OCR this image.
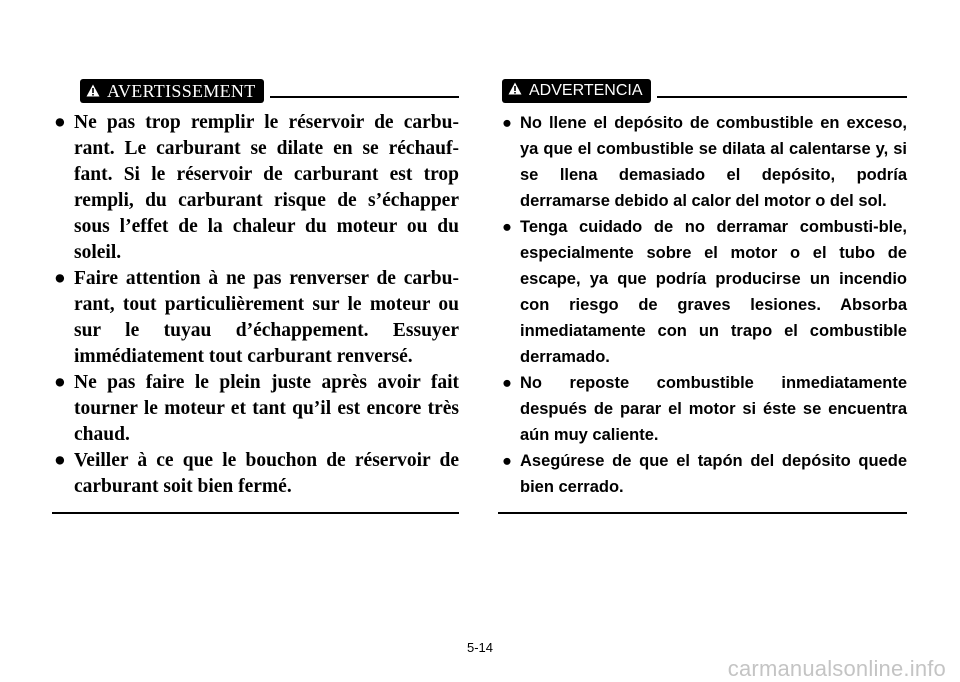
AVERTISSEMENT
● Ne pas trop remplir le réservoir de carbu-rant. Le carburant se dilate en se réchauf-fant. Si le réservoir de carburant est trop rempli, du carburant risque de s’échapper sous l’effet de la chaleur du moteur ou du soleil.
● Faire attention à ne pas renverser de carbu-rant, tout particulièrement sur le moteur ou sur le tuyau d’échappement. Essuyer immédiatement tout carburant renversé.
● Ne pas faire le plein juste après avoir fait tourner le moteur et tant qu’il est encore très chaud.
● Veiller à ce que le bouchon de réservoir de carburant soit bien fermé.
ADVERTENCIA
● No llene el depósito de combustible en exceso, ya que el combustible se dilata al calentarse y, si se llena demasiado el depósito, podría derramarse debido al calor del motor o del sol.
● Tenga cuidado de no derramar combusti-ble, especialmente sobre el motor o el tubo de escape, ya que podría producirse un incendio con riesgo de graves lesiones. Absorba inmediatamente con un trapo el combustible derramado.
● No reposte combustible inmediatamente después de parar el motor si éste se encuentra aún muy caliente.
● Asegúrese de que el tapón del depósito quede bien cerrado.
5-14
carmanualsonline.info
